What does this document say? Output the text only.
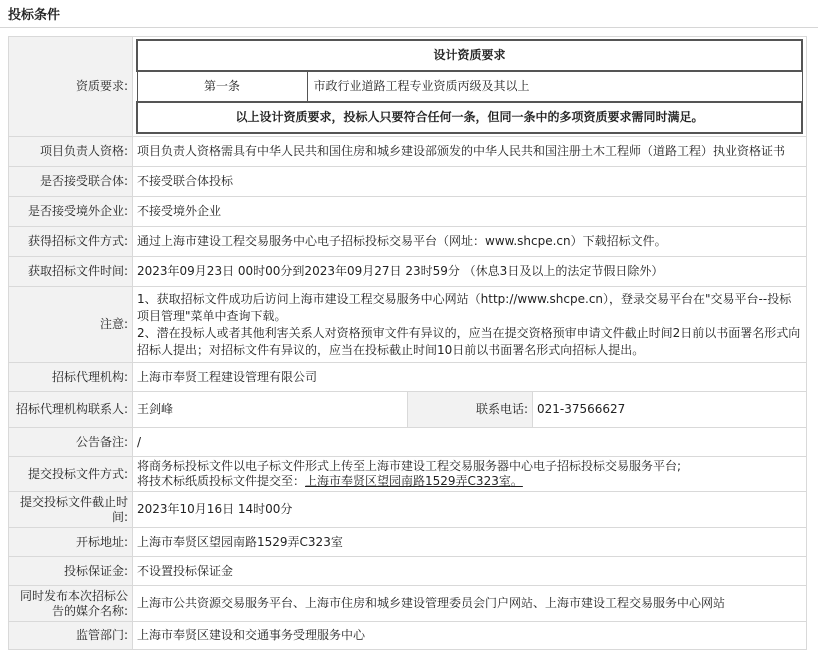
投标条件
资质要求:	
设计资质要求
第一条	市政行业道路工程专业资质丙级及其以上
以上设计资质要求，投标人只要符合任何一条，但同一条中的多项资质要求需同时满足。

项目负责人资格:	项目负责人资格需具有中华人民共和国住房和城乡建设部颁发的中华人民共和国注册土木工程师（道路工程）执业资格证书
是否接受联合体:	不接受联合体投标
是否接受境外企业:	不接受境外企业
获得招标文件方式:	通过上海市建设工程交易服务中心电子招标投标交易平台（网址：www.shcpe.cn）下载招标文件。
获取招标文件时间:	2023年09月23日 00时00分到2023年09月27日 23时59分 （休息3日及以上的法定节假日除外）
注意:	
1、获取招标文件成功后访问上海市建设工程交易服务中心网站（http://www.shcpe.cn），登录交易平台在"交易平台--投标项目管理"菜单中查询下载。
2、潜在投标人或者其他利害关系人对资格预审文件有异议的，应当在提交资格预审申请文件截止时间2日前以书面署名形式向招标人提出；对招标文件有异议的，应当在投标截止时间10日前以书面署名形式向招标人提出。

招标代理机构:	上海市奉贤工程建设管理有限公司
招标代理机构联系人:	王剑峰	联系电话:	021-37566627
公告备注:	/
提交投标文件方式:	
将商务标投标文件以电子标文件形式上传至上海市建设工程交易服务器中心电子招标投标交易服务平台;
将技术标纸质投标文件提交至：上海市奉贤区望园南路1529弄C323室。

提交投标文件截止时间:	2023年10月16日 14时00分
开标地址:	上海市奉贤区望园南路1529弄C323室
投标保证金:	不设置投标保证金
同时发布本次招标公告的媒介名称:	上海市公共资源交易服务平台、上海市住房和城乡建设管理委员会门户网站、上海市建设工程交易服务中心网站
监管部门:	上海市奉贤区建设和交通事务受理服务中心
